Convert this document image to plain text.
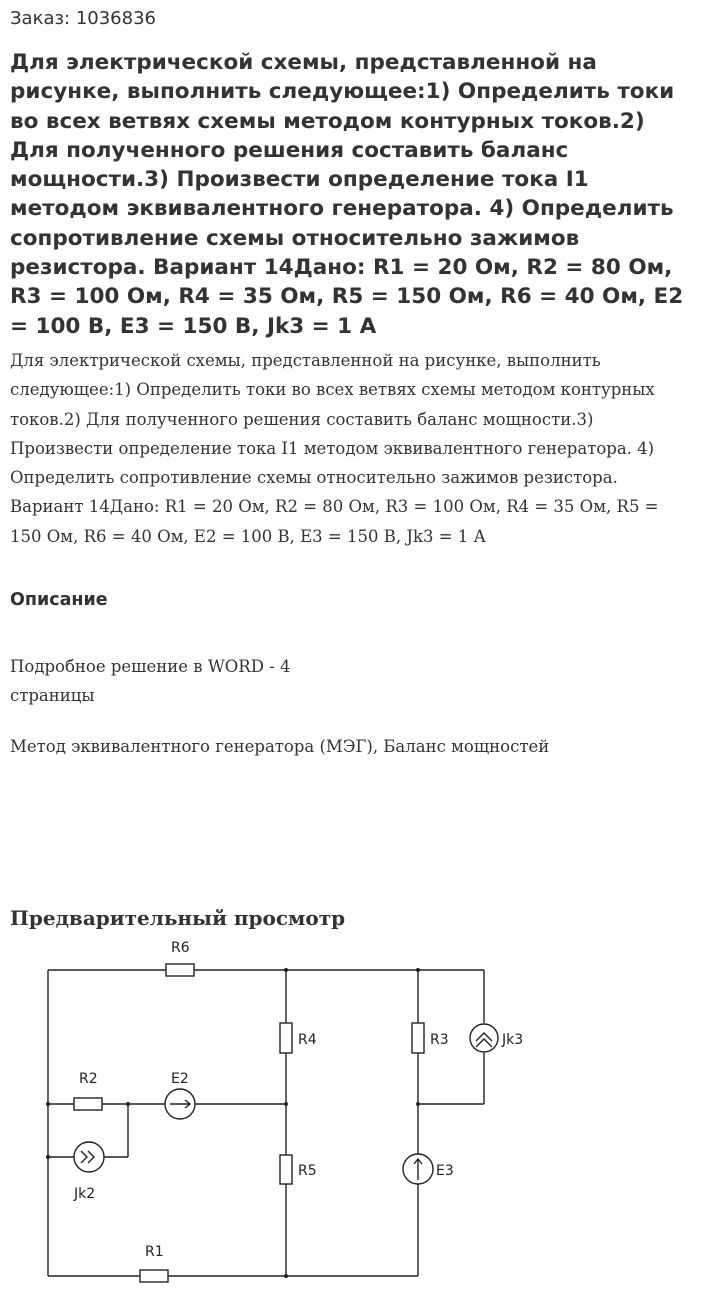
Заказ: 1036836
Для электрической схемы, представленной на рисунке, выполнить следующее:1) Определить токи во всех ветвях схемы методом контурных токов.2) Для полученного решения составить баланс мощности.3) Произвести определение тока I1 методом эквивалентного генератора. 4) Определить сопротивление схемы относительно зажимов резистора. Вариант 14Дано: R1 = 20 Ом, R2 = 80 Ом, R3 = 100 Ом, R4 = 35 Ом, R5 = 150 Ом, R6 = 40 Ом, E2 = 100 В, E3 = 150 В, Jk3 = 1 А

Для электрической схемы, представленной на рисунке, выполнить следующее:1) Определить токи во всех ветвях схемы методом контурных токов.2) Для полученного решения составить баланс мощности.3) Произвести определение тока I1 методом эквивалентного генератора. 4) Определить сопротивление схемы относительно зажимов резистора. Вариант 14Дано: R1 = 20 Ом, R2 = 80 Ом, R3 = 100 Ом, R4 = 35 Ом, R5 = 150 Ом, R6 = 40 Ом, E2 = 100 В, E3 = 150 В, Jk3 = 1 А

Описание
Подробное решение в WORD - 4 страницы
Метод эквивалентного генератора (МЭГ), Баланс мощностей
Предварительный просмотр
R6
R4	R3	Jk3
R2	E2
Jk2
R5	E3
R1
